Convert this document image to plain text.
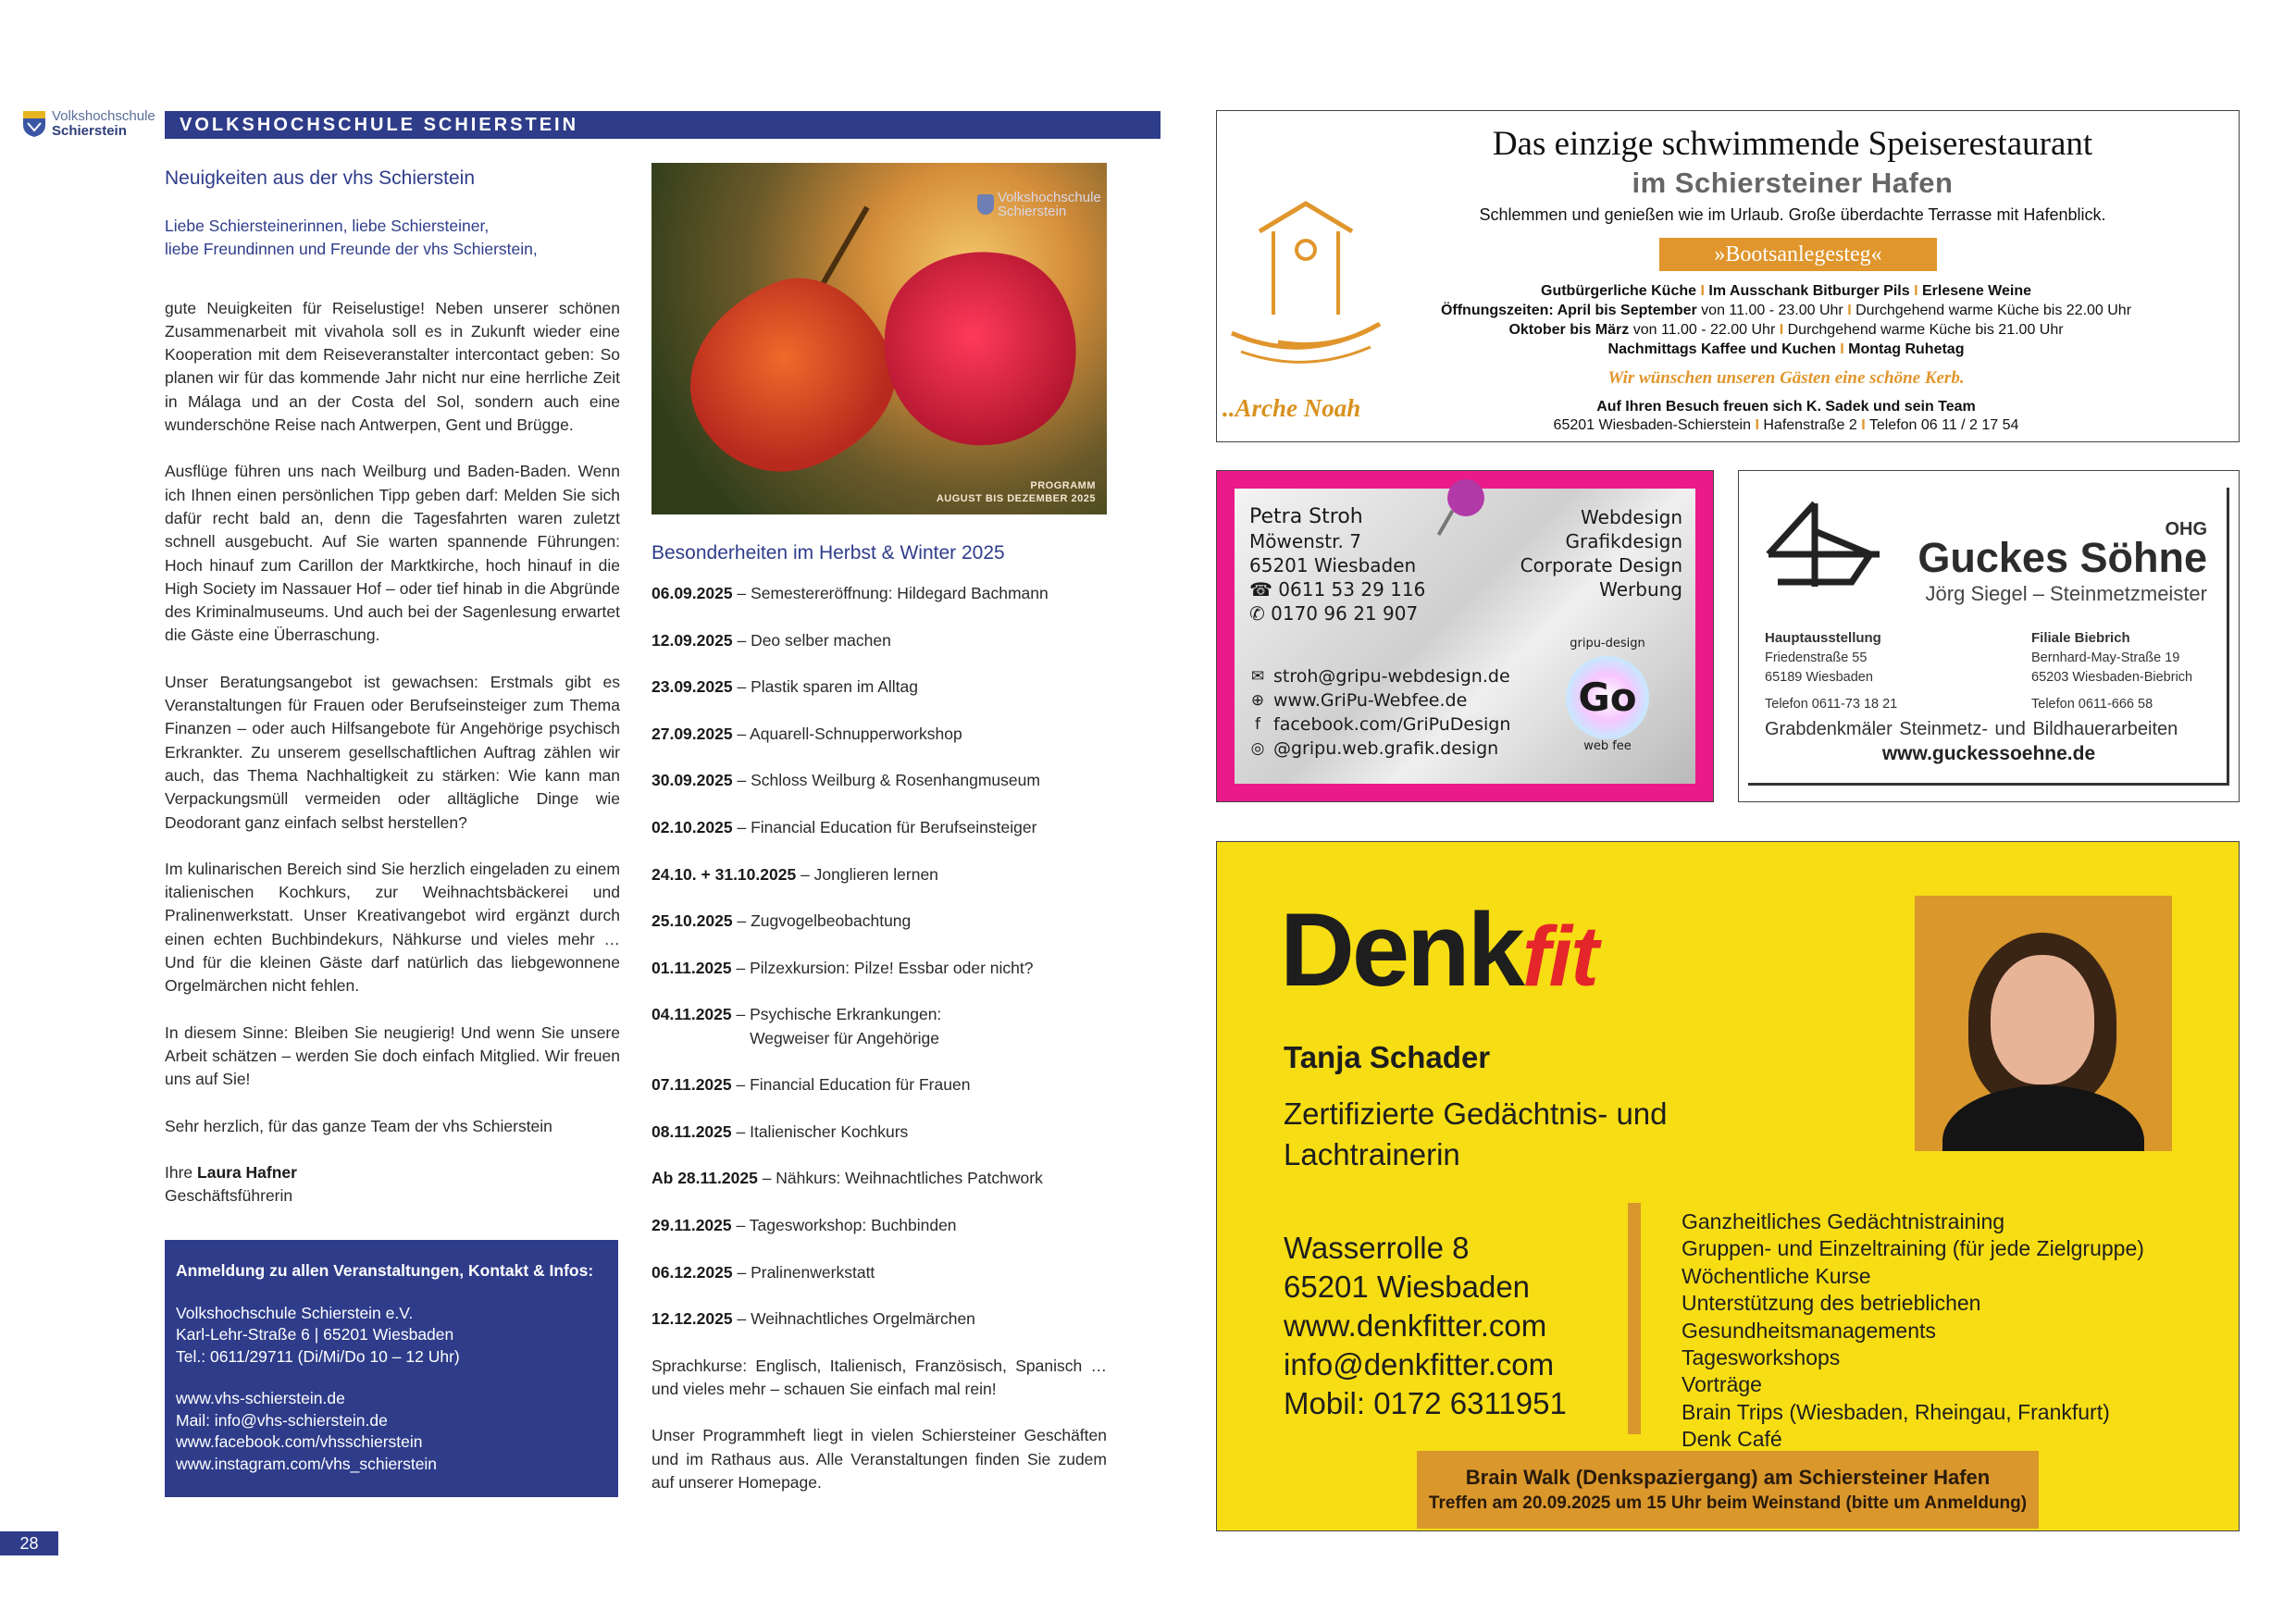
Volkshochschule
Schierstein	VOLKSHOCHSCHULE SCHIERSTEIN
Neuigkeiten aus der vhs Schierstein
Liebe Schiersteinerinnen, liebe Schiersteiner,
liebe Freundinnen und Freunde der vhs Schierstein,

gute Neuigkeiten für Reiselustige! Neben unserer schönen Zusammenarbeit mit vivahola soll es in Zukunft wieder eine Kooperation mit dem Reiseveranstalter intercontact geben: So planen wir für das kommende Jahr nicht nur eine herrliche Zeit in Málaga und an der Costa del Sol, sondern auch eine wunderschöne Reise nach Antwerpen, Gent und Brügge.

Ausflüge führen uns nach Weilburg und Baden-Baden. Wenn ich Ihnen einen persönlichen Tipp geben darf: Melden Sie sich dafür recht bald an, denn die Tagesfahrten waren zuletzt schnell ausgebucht. Auf Sie warten spannende Führungen: Hoch hinauf zum Carillon der Marktkirche, hoch hinauf in die High Society im Nassauer Hof – oder tief hinab in die Abgründe des Kriminalmuseums. Und auch bei der Sagenlesung erwartet die Gäste eine Überraschung.

Unser Beratungsangebot ist gewachsen: Erstmals gibt es Veranstaltungen für Frauen oder Berufseinsteiger zum Thema Finanzen – oder auch Hilfsangebote für Angehörige psychisch Erkrankter. Zu unserem gesellschaftlichen Auftrag zählen wir auch, das Thema Nachhaltigkeit zu stärken: Wie kann man Verpackungsmüll vermeiden oder alltägliche Dinge wie Deodorant ganz einfach selbst herstellen?

Im kulinarischen Bereich sind Sie herzlich eingeladen zu einem italienischen Kochkurs, zur Weihnachtsbäckerei und Pralinenwerkstatt. Unser Kreativangebot wird ergänzt durch einen echten Buchbindekurs, Nähkurse und vieles mehr … Und für die kleinen Gäste darf natürlich das liebgewonnene Orgelmärchen nicht fehlen.

In diesem Sinne: Bleiben Sie neugierig! Und wenn Sie unsere Arbeit schätzen – werden Sie doch einfach Mitglied. Wir freuen uns auf Sie!

Sehr herzlich, für das ganze Team der vhs Schierstein

Ihre Laura Hafner
Geschäftsführerin

Anmeldung zu allen Veranstaltungen, Kontakt & Infos:
Volkshochschule Schierstein e.V.
Karl-Lehr-Straße 6 | 65201 Wiesbaden
Tel.: 0611/29711 (Di/Mi/Do 10 – 12 Uhr)
www.vhs-schierstein.de
Mail: info@vhs-schierstein.de
www.facebook.com/vhsschierstein
www.instagram.com/vhs_schierstein
Volkshochschule
Schierstein
PROGRAMM
AUGUST BIS DEZEMBER 2025
Besonderheiten im Herbst & Winter 2025
06.09.2025 – Semestereröffnung: Hildegard Bachmann
12.09.2025 – Deo selber machen
23.09.2025 – Plastik sparen im Alltag
27.09.2025 – Aquarell-Schnupperworkshop
30.09.2025 – Schloss Weilburg & Rosenhangmuseum
02.10.2025 – Financial Education für Berufseinsteiger
24.10. + 31.10.2025 – Jonglieren lernen
25.10.2025 – Zugvogelbeobachtung
01.11.2025 – Pilzexkursion: Pilze! Essbar oder nicht?
04.11.2025 – Psychische Erkrankungen:
Wegweiser für Angehörige
07.11.2025 – Financial Education für Frauen
08.11.2025 – Italienischer Kochkurs
Ab 28.11.2025 – Nähkurs: Weihnachtliches Patchwork
29.11.2025 – Tagesworkshop: Buchbinden
06.12.2025 – Pralinenwerkstatt
12.12.2025 – Weihnachtliches Orgelmärchen

Sprachkurse: Englisch, Italienisch, Französisch, Spanisch … und vieles mehr – schauen Sie einfach mal rein!

Unser Programmheft liegt in vielen Schiersteiner Geschäften und im Rathaus aus. Alle Veranstaltungen finden Sie zudem auf unserer Homepage.

28
..Arche Noah
Das einzige schwimmende Speiserestaurant
im Schiersteiner Hafen
Schlemmen und genießen wie im Urlaub. Große überdachte Terrasse mit Hafenblick.
»Bootsanlegesteg«
Gutbürgerliche Küche I Im Ausschank Bitburger Pils I Erlesene Weine
Öffnungszeiten: April bis September von 11.00 - 23.00 Uhr I Durchgehend warme Küche bis 22.00 Uhr
Oktober bis März von 11.00 - 22.00 Uhr I Durchgehend warme Küche bis 21.00 Uhr
Nachmittags Kaffee und Kuchen I Montag Ruhetag
Wir wünschen unseren Gästen eine schöne Kerb.
Auf Ihren Besuch freuen sich K. Sadek und sein Team
65201 Wiesbaden-Schierstein I Hafenstraße 2 I Telefon 06 11 / 2 17 54
Petra Stroh
Möwenstr. 7
65201 Wiesbaden
☎ 0611 53 29 116
✆ 0170 96 21 907
Webdesign
Grafikdesign
Corporate Design
Werbung
✉ stroh@gripu-webdesign.de
⊕ www.GriPu-Webfee.de
f facebook.com/GriPuDesign
◎ @gripu.web.grafik.design
gripu-design
Go
web fee
OHG
Guckes Söhne
Jörg Siegel – Steinmetzmeister
Hauptausstellung
Friedenstraße 55
65189 Wiesbaden
Telefon 0611-73 18 21
Filiale Biebrich
Bernhard-May-Straße 19
65203 Wiesbaden-Biebrich
Telefon 0611-666 58
Grabdenkmäler Steinmetz- und Bildhauerarbeiten
www.guckessoehne.de
Denkfit
Tanja Schader
Zertifizierte Gedächtnis- und
Lachtrainerin
Wasserrolle 8
65201 Wiesbaden
www.denkfitter.com
info@denkfitter.com
Mobil: 0172 6311951
Ganzheitliches Gedächtnistraining
Gruppen- und Einzeltraining (für jede Zielgruppe)
Wöchentliche Kurse
Unterstützung des betrieblichen Gesundheitsmanagements
Tagesworkshops
Vorträge
Brain Trips (Wiesbaden, Rheingau, Frankfurt)
Denk Café
Brain Walk (Denkspaziergang) am Schiersteiner Hafen
Treffen am 20.09.2025 um 15 Uhr beim Weinstand (bitte um Anmeldung)
